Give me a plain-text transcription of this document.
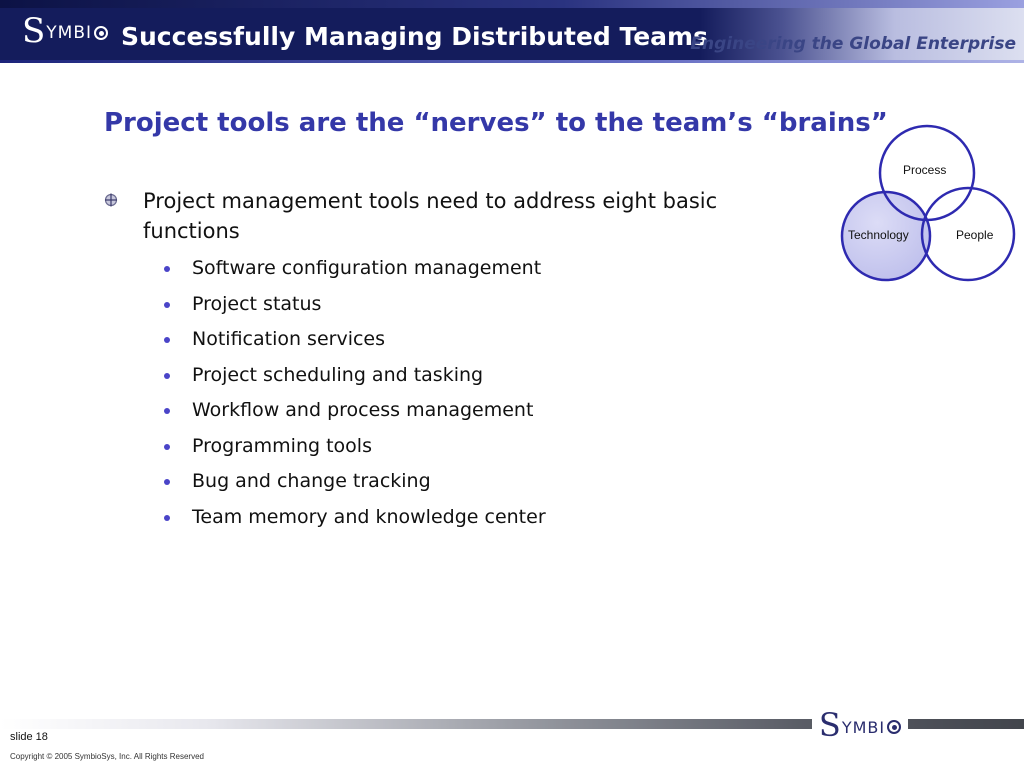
S YMBI Successfully Managing Distributed Teams
Engineering the Global Enterprise
Project tools are the “nerves” to the team’s “brains”
Project management tools need to address eight basic functions
Software configuration management
Project status
Notification services
Project scheduling and tasking
Workflow and process management
Programming tools
Bug and change tracking
Team memory and knowledge center
Process
Technology	People
S YMBI
slide 18
Copyright © 2005 SymbioSys, Inc. All Rights Reserved
